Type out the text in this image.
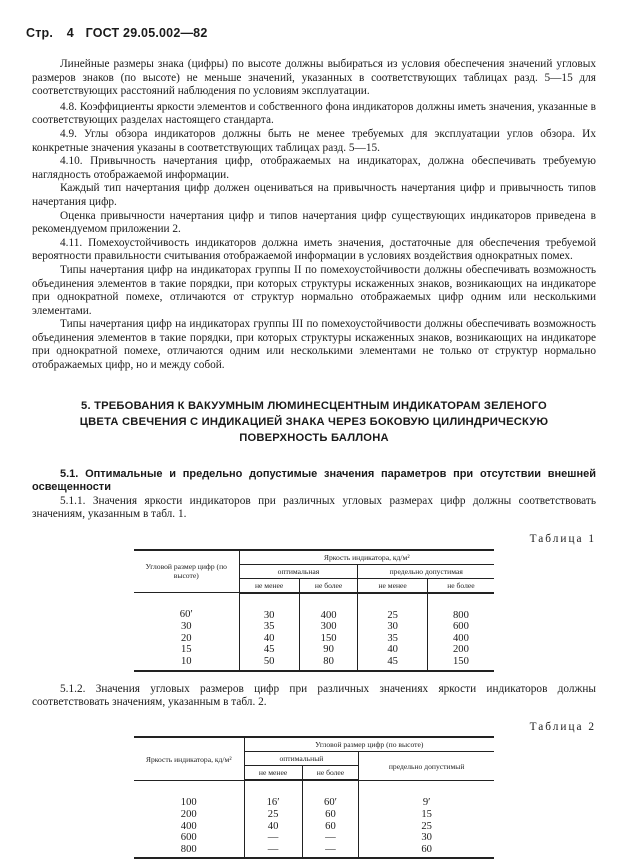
Стр. 4 ГОСТ 29.05.002—82

Линейные размеры знака (цифры) по высоте должны выбираться из условия обеспечения значений угловых размеров знаков (по высоте) не меньше значений, указанных в соответствующих таблицах разд. 5—15 для соответствующих расстояний наблюдения по условиям эксплуатации.

4.8. Коэффициенты яркости элементов и собственного фона индикаторов должны иметь значения, указанные в соответствующих разделах настоящего стандарта.

4.9. Углы обзора индикаторов должны быть не менее требуемых для эксплуатации углов обзора. Их конкретные значения указаны в соответствующих таблицах разд. 5—15.

4.10. Привычность начертания цифр, отображаемых на индикаторах, должна обеспечивать требуемую наглядность отображаемой информации.

Каждый тип начертания цифр должен оцениваться на привычность начертания цифр и привычность типов начертания цифр.

Оценка привычности начертания цифр и типов начертания цифр существующих индикаторов приведена в рекомендуемом приложении 2.

4.11. Помехоустойчивость индикаторов должна иметь значения, достаточные для обеспечения требуемой вероятности правильности считывания отображаемой информации в условиях воздействия однократных помех.

Типы начертания цифр на индикаторах группы II по помехоустойчивости должны обеспечивать возможность объединения элементов в такие порядки, при которых структуры искаженных знаков, возникающих на индикаторе при однократной помехе, отличаются от структур нормально отображаемых цифр одним или несколькими элементами.

Типы начертания цифр на индикаторах группы III по помехоустойчивости должны обеспечивать возможность объединения элементов в такие порядки, при которых структуры искаженных знаков, возникающих на индикаторе при однократной помехе, отличаются одним или несколькими элементами не только от структур нормально отображаемых цифр, но и между собой.

5. ТРЕБОВАНИЯ К ВАКУУМНЫМ ЛЮМИНЕСЦЕНТНЫМ ИНДИКАТОРАМ ЗЕЛЕНОГО
ЦВЕТА СВЕЧЕНИЯ С ИНДИКАЦИЕЙ ЗНАКА ЧЕРЕЗ БОКОВУЮ ЦИЛИНДРИЧЕСКУЮ
ПОВЕРХНОСТЬ БАЛЛОНА

5.1. Оптимальные и предельно допустимые значения параметров при отсутствии внешней освещенности

5.1.1. Значения яркости индикаторов при различных угловых размерах цифр должны соответствовать значениям, указанным в табл. 1.

Таблица 1
Угловой размер цифр (по высоте)	Яркость индикатора, кд/м²			
	оптимальная		предельно допустимая	
	не менее	не более	не менее	не более
60′	30	400	25	800
30	35	300	30	600
20	40	150	35	400
15	45	90	40	200
10	50	80	45	150

5.1.2. Значения угловых размеров цифр при различных значениях яркости индикаторов должны соответствовать значениям, указанным в табл. 2.

Таблица 2
Яркость индикатора, кд/м²	Угловой размер цифр (по высоте)		
	оптимальный		предельно допустимый
	не менее	не более	
100	16′	60′	9′
200	25	60	15
400	40	60	25
600	—	—	30
800	—	—	60
